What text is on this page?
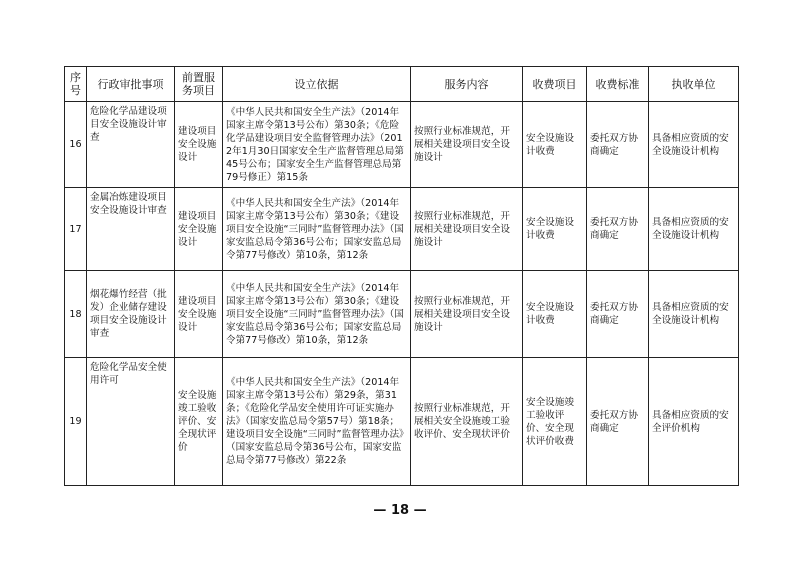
序号	行政审批事项	前置服务项目	设立依据	服务内容	收费项目	收费标准	执收单位
16	危险化学品建设项目安全设施设计审查	建设项目安全设施设计	《中华人民共和国安全生产法》（2014年国家主席令第13号公布）第30条；《危险化学品建设项目安全监督管理办法》（2012年1月30日国家安全生产监督管理总局第45号公布；国家安全生产监督管理总局第79号修正）第15条	按照行业标准规范，开展相关建设项目安全设施设计	安全设施设计收费	委托双方协商确定	具备相应资质的安全设施设计机构
17	金属冶炼建设项目安全设施设计审查	建设项目安全设施设计	《中华人民共和国安全生产法》（2014年国家主席令第13号公布）第30条；《建设项目安全设施“三同时”监督管理办法》（国家安监总局令第36号公布；国家安监总局令第77号修改）第10条，第12条	按照行业标准规范，开展相关建设项目安全设施设计	安全设施设计收费	委托双方协商确定	具备相应资质的安全设施设计机构
18	烟花爆竹经营（批发）企业储存建设项目安全设施设计审查	建设项目安全设施设计	《中华人民共和国安全生产法》（2014年国家主席令第13号公布）第30条；《建设项目安全设施“三同时”监督管理办法》（国家安监总局令第36号公布；国家安监总局令第77号修改）第10条，第12条	按照行业标准规范，开展相关建设项目安全设施设计	安全设施设计收费	委托双方协商确定	具备相应资质的安全设施设计机构
19	危险化学品安全使用许可	安全设施竣工验收评价、安全现状评价	《中华人民共和国安全生产法》（2014年国家主席令第13号公布）第29条，第31条；《危险化学品安全使用许可证实施办法》（国家安监总局令第57号）第18条；建设项目安全设施“三同时”监督管理办法》（国家安监总局令第36号公布，国家安监总局令第77号修改）第22条	按照行业标准规范，开展相关安全设施竣工验收评价、安全现状评价	安全设施竣工验收评价、安全现状评价收费	委托双方协商确定	具备相应资质的安全评价机构
— 18 —
